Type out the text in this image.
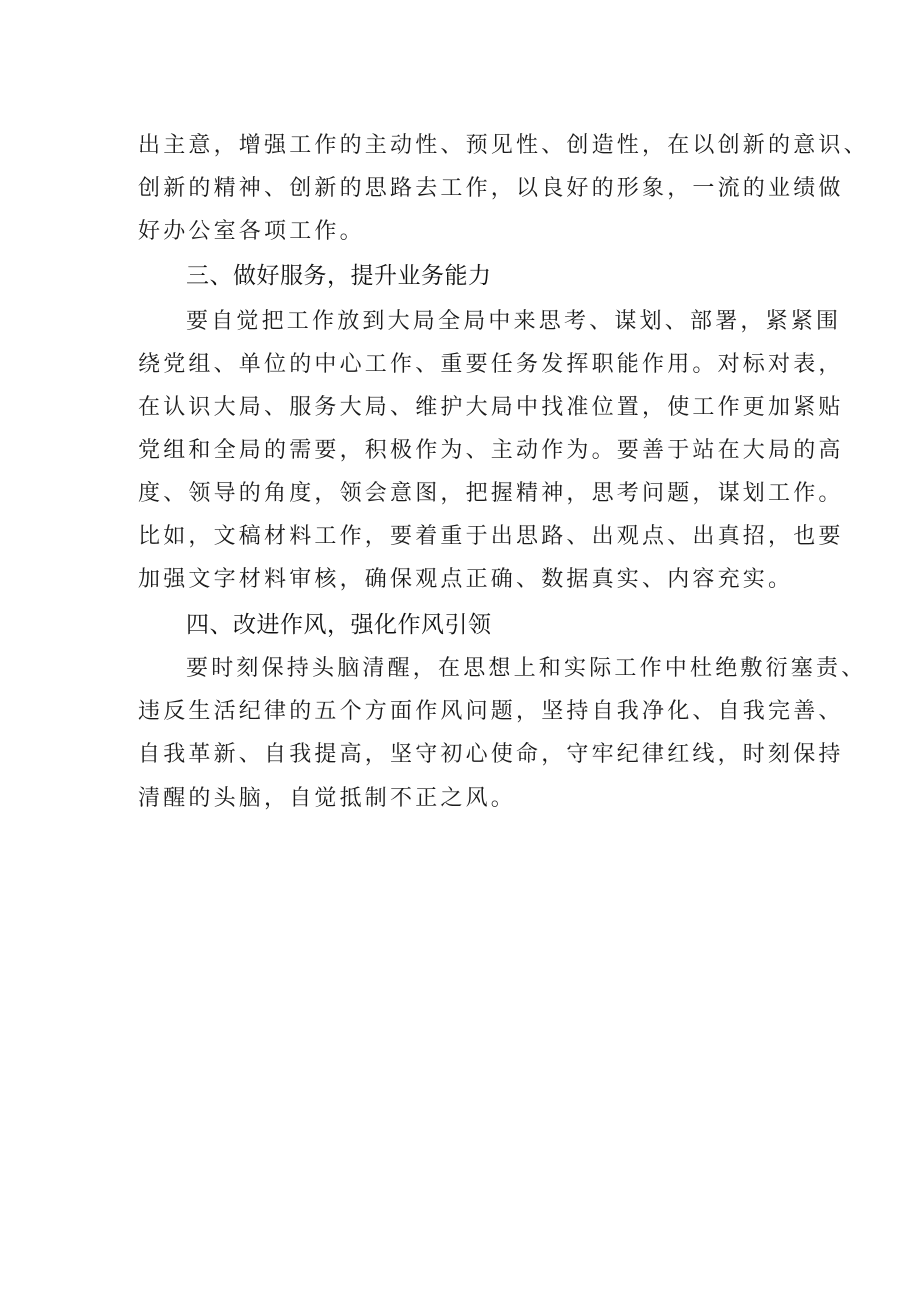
出主意，增强工作的主动性、预见性、创造性，在以创新的意识、
创新的精神、创新的思路去工作，以良好的形象，一流的业绩做
好办公室各项工作。
三、做好服务，提升业务能力
要自觉把工作放到大局全局中来思考、谋划、部署，紧紧围
绕党组、单位的中心工作、重要任务发挥职能作用。对标对表，
在认识大局、服务大局、维护大局中找准位置，使工作更加紧贴
党组和全局的需要，积极作为、主动作为。要善于站在大局的高
度、领导的角度，领会意图，把握精神，思考问题，谋划工作。
比如，文稿材料工作，要着重于出思路、出观点、出真招，也要
加强文字材料审核，确保观点正确、数据真实、内容充实。
四、改进作风，强化作风引领
要时刻保持头脑清醒，在思想上和实际工作中杜绝敷衍塞责、
违反生活纪律的五个方面作风问题，坚持自我净化、自我完善、
自我革新、自我提高，坚守初心使命，守牢纪律红线，时刻保持
清醒的头脑，自觉抵制不正之风。
